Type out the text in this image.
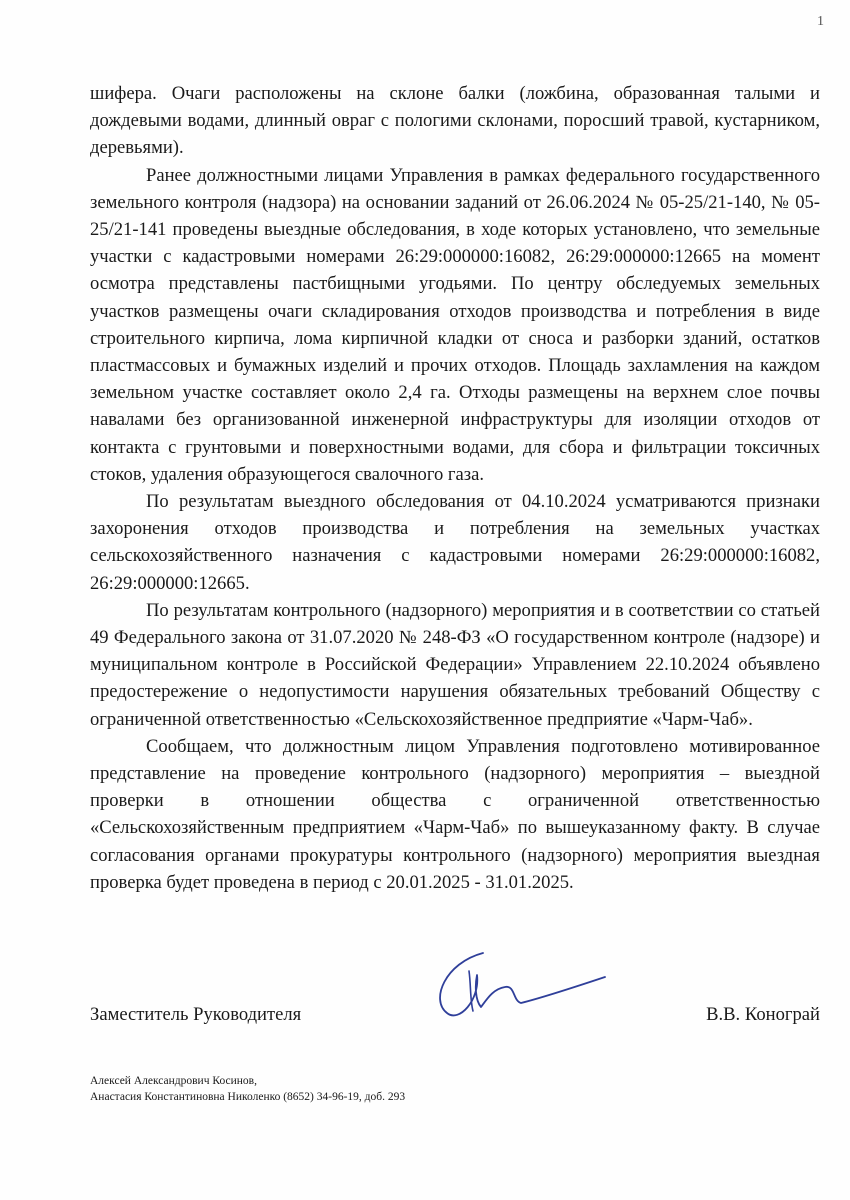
1

шифера. Очаги расположены на склоне балки (ложбина, образованная талыми и дождевыми водами, длинный овраг с пологими склонами, поросший травой, кустарником, деревьями).

Ранее должностными лицами Управления в рамках федерального государственного земельного контроля (надзора) на основании заданий от 26.06.2024 № 05-25/21-140, № 05-25/21-141 проведены выездные обследования, в ходе которых установлено, что земельные участки с кадастровыми номерами 26:29:000000:16082, 26:29:000000:12665 на момент осмотра представлены пастбищными угодьями. По центру обследуемых земельных участков размещены очаги складирования отходов производства и потребления в виде строительного кирпича, лома кирпичной кладки от сноса и разборки зданий, остатков пластмассовых и бумажных изделий и прочих отходов. Площадь захламления на каждом земельном участке составляет около 2,4 га. Отходы размещены на верхнем слое почвы навалами без организованной инженерной инфраструктуры для изоляции отходов от контакта с грунтовыми и поверхностными водами, для сбора и фильтрации токсичных стоков, удаления образующегося свалочного газа.

По результатам выездного обследования от 04.10.2024 усматриваются признаки захоронения отходов производства и потребления на земельных участках сельскохозяйственного назначения с кадастровыми номерами 26:29:000000:16082, 26:29:000000:12665.

По результатам контрольного (надзорного) мероприятия и в соответствии со статьей 49 Федерального закона от 31.07.2020 № 248-ФЗ «О государственном контроле (надзоре) и муниципальном контроле в Российской Федерации» Управлением 22.10.2024 объявлено предостережение о недопустимости нарушения обязательных требований Обществу с ограниченной ответственностью «Сельскохозяйственное предприятие «Чарм-Чаб».

Сообщаем, что должностным лицом Управления подготовлено мотивированное представление на проведение контрольного (надзорного) мероприятия – выездной проверки в отношении общества с ограниченной ответственностью «Сельскохозяйственным предприятием «Чарм-Чаб» по вышеуказанному факту. В случае согласования органами прокуратуры контрольного (надзорного) мероприятия выездная проверка будет проведена в период с 20.01.2025 - 31.01.2025.

Заместитель Руководителя	В.В. Конограй
Алексей Александрович Косинов,
Анастасия Константиновна Николенко (8652) 34-96-19, доб. 293
